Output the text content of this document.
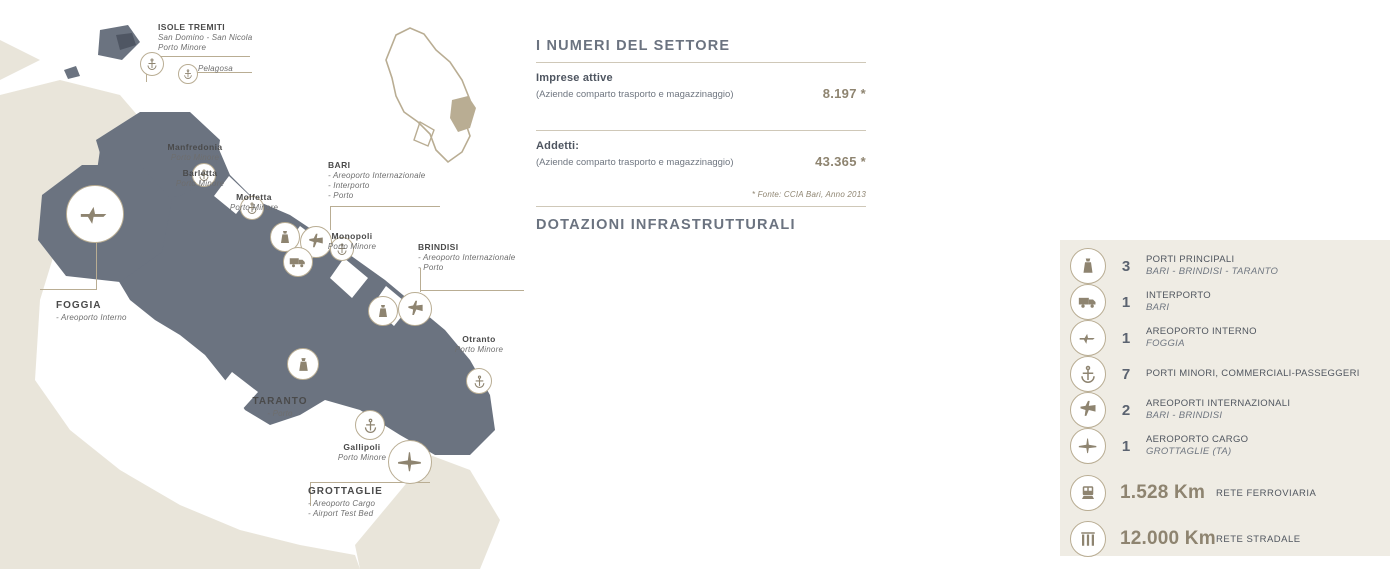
ISOLE TREMITI
San Domino - San Nicola
Porto Minore
Pelagosa
Manfredonia
Porto Minore
Barletta
Porto Minore
Molfetta
Porto Minore
Monopoli
Porto Minore
Otranto
Porto Minore
Gallipoli
Porto Minore
BARI
- Areoporto Internazionale
- Interporto
- Porto
BRINDISI
- Areoporto Internazionale
- Porto
TARANTO
- Porto
FOGGIA
- Areoporto Interno
GROTTAGLIE
- Areoporto Cargo
- Airport Test Bed
I NUMERI DEL SETTORE
Imprese attive
(Aziende comparto trasporto e magazzinaggio)	8.197 *
Addetti:
(Aziende comparto trasporto e magazzinaggio)	43.365 *
* Fonte: CCIA Bari, Anno 2013
DOTAZIONI INFRASTRUTTURALI
3	PORTI PRINCIPALI
BARI - BRINDISI - TARANTO
1	INTERPORTO
BARI
1	AREOPORTO INTERNO
FOGGIA
7	PORTI MINORI, COMMERCIALI-PASSEGGERI
2	AREOPORTI INTERNAZIONALI
BARI - BRINDISI
1	AEROPORTO CARGO
GROTTAGLIE (TA)
1.528 Km	RETE FERROVIARIA
12.000 Km RETE STRADALE
